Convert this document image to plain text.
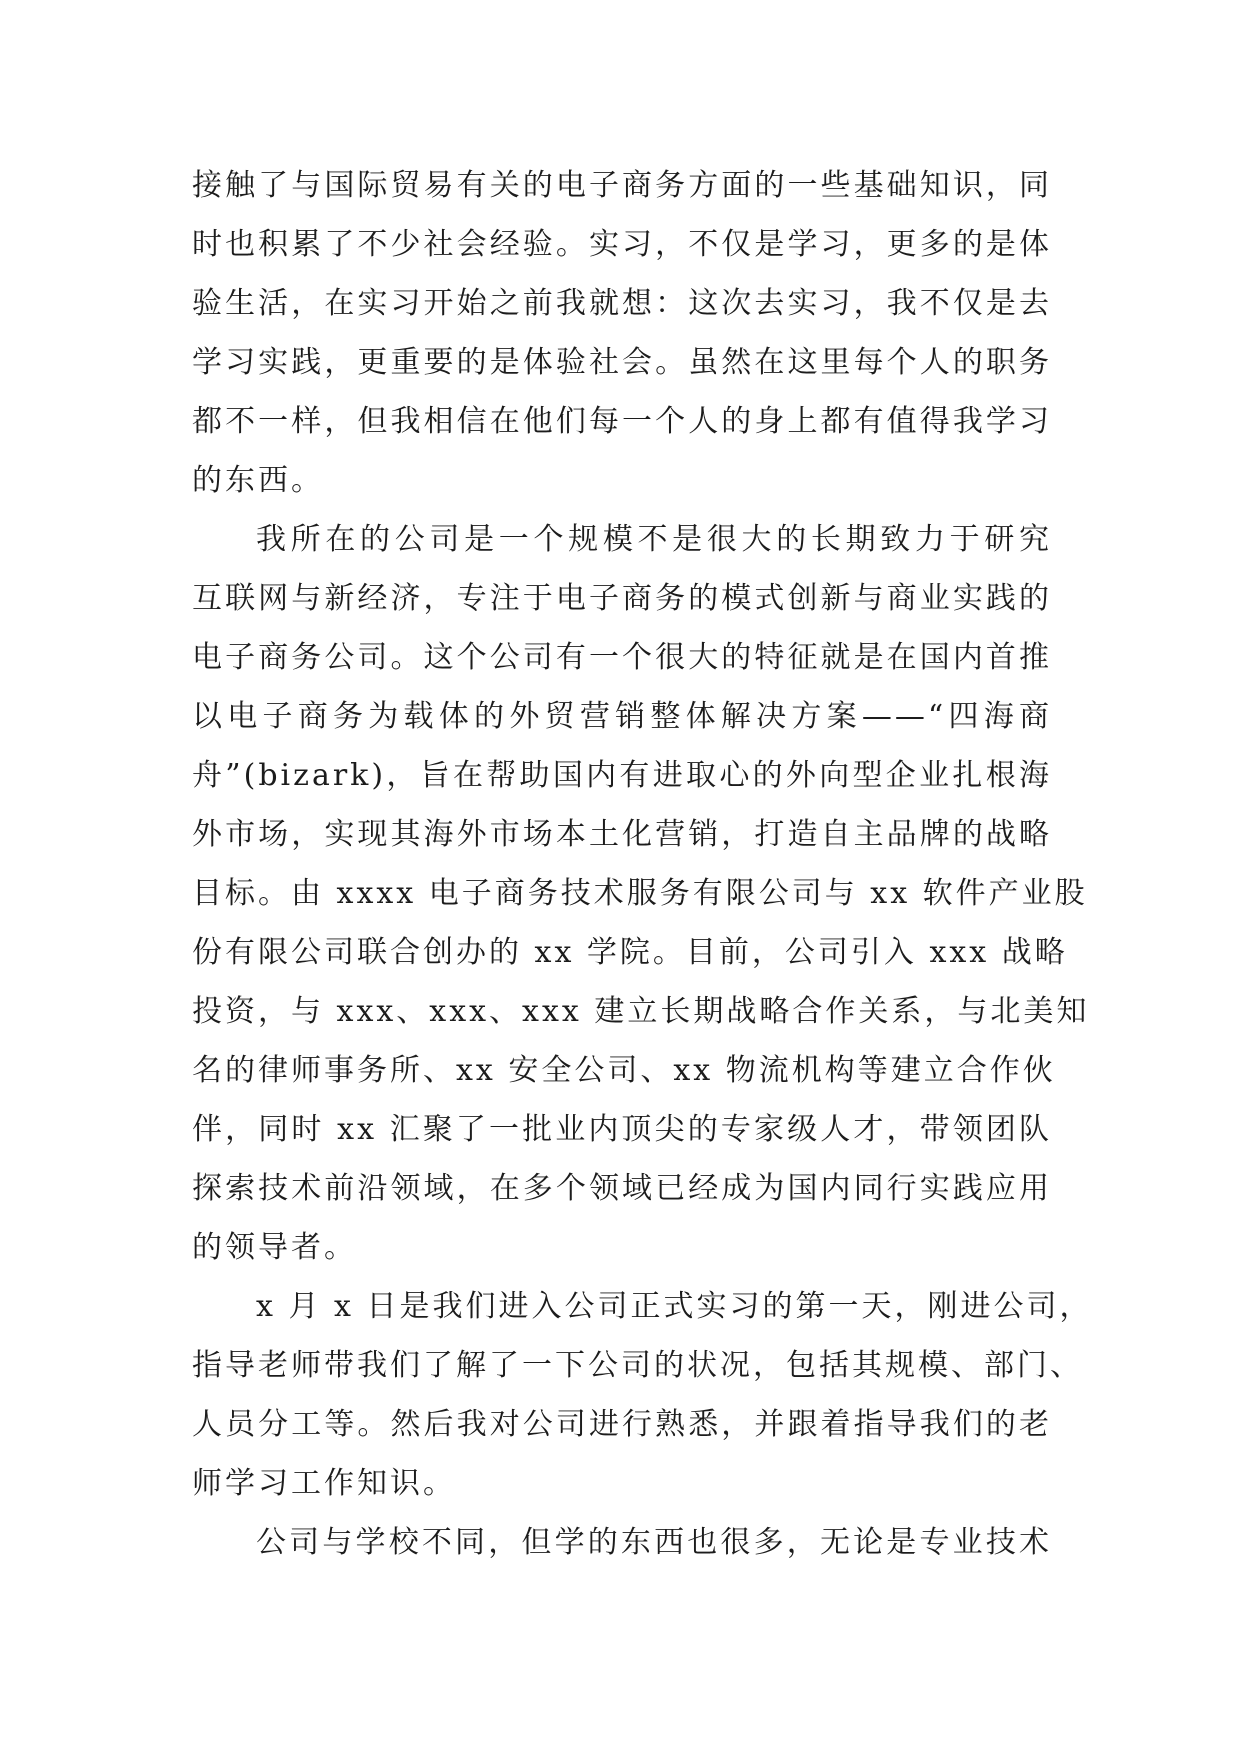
接触了与国际贸易有关的电子商务方面的一些基础知识，同
时也积累了不少社会经验。实习，不仅是学习，更多的是体
验生活，在实习开始之前我就想：这次去实习，我不仅是去
学习实践，更重要的是体验社会。虽然在这里每个人的职务
都不一样，但我相信在他们每一个人的身上都有值得我学习
的东西。
我所在的公司是一个规模不是很大的长期致力于研究
互联网与新经济，专注于电子商务的模式创新与商业实践的
电子商务公司。这个公司有一个很大的特征就是在国内首推
以电子商务为载体的外贸营销整体解决方案——“四海商
舟”(bizark)，旨在帮助国内有进取心的外向型企业扎根海
外市场，实现其海外市场本土化营销，打造自主品牌的战略
目标。由 xxxx 电子商务技术服务有限公司与 xx 软件产业股
份有限公司联合创办的 xx 学院。目前，公司引入 xxx 战略
投资，与 xxx、xxx、xxx 建立长期战略合作关系，与北美知
名的律师事务所、xx 安全公司、xx 物流机构等建立合作伙
伴，同时 xx 汇聚了一批业内顶尖的专家级人才，带领团队
探索技术前沿领域，在多个领域已经成为国内同行实践应用
的领导者。
x 月 x 日是我们进入公司正式实习的第一天，刚进公司，
指导老师带我们了解了一下公司的状况，包括其规模、部门、
人员分工等。然后我对公司进行熟悉，并跟着指导我们的老
师学习工作知识。
公司与学校不同，但学的东西也很多，无论是专业技术
